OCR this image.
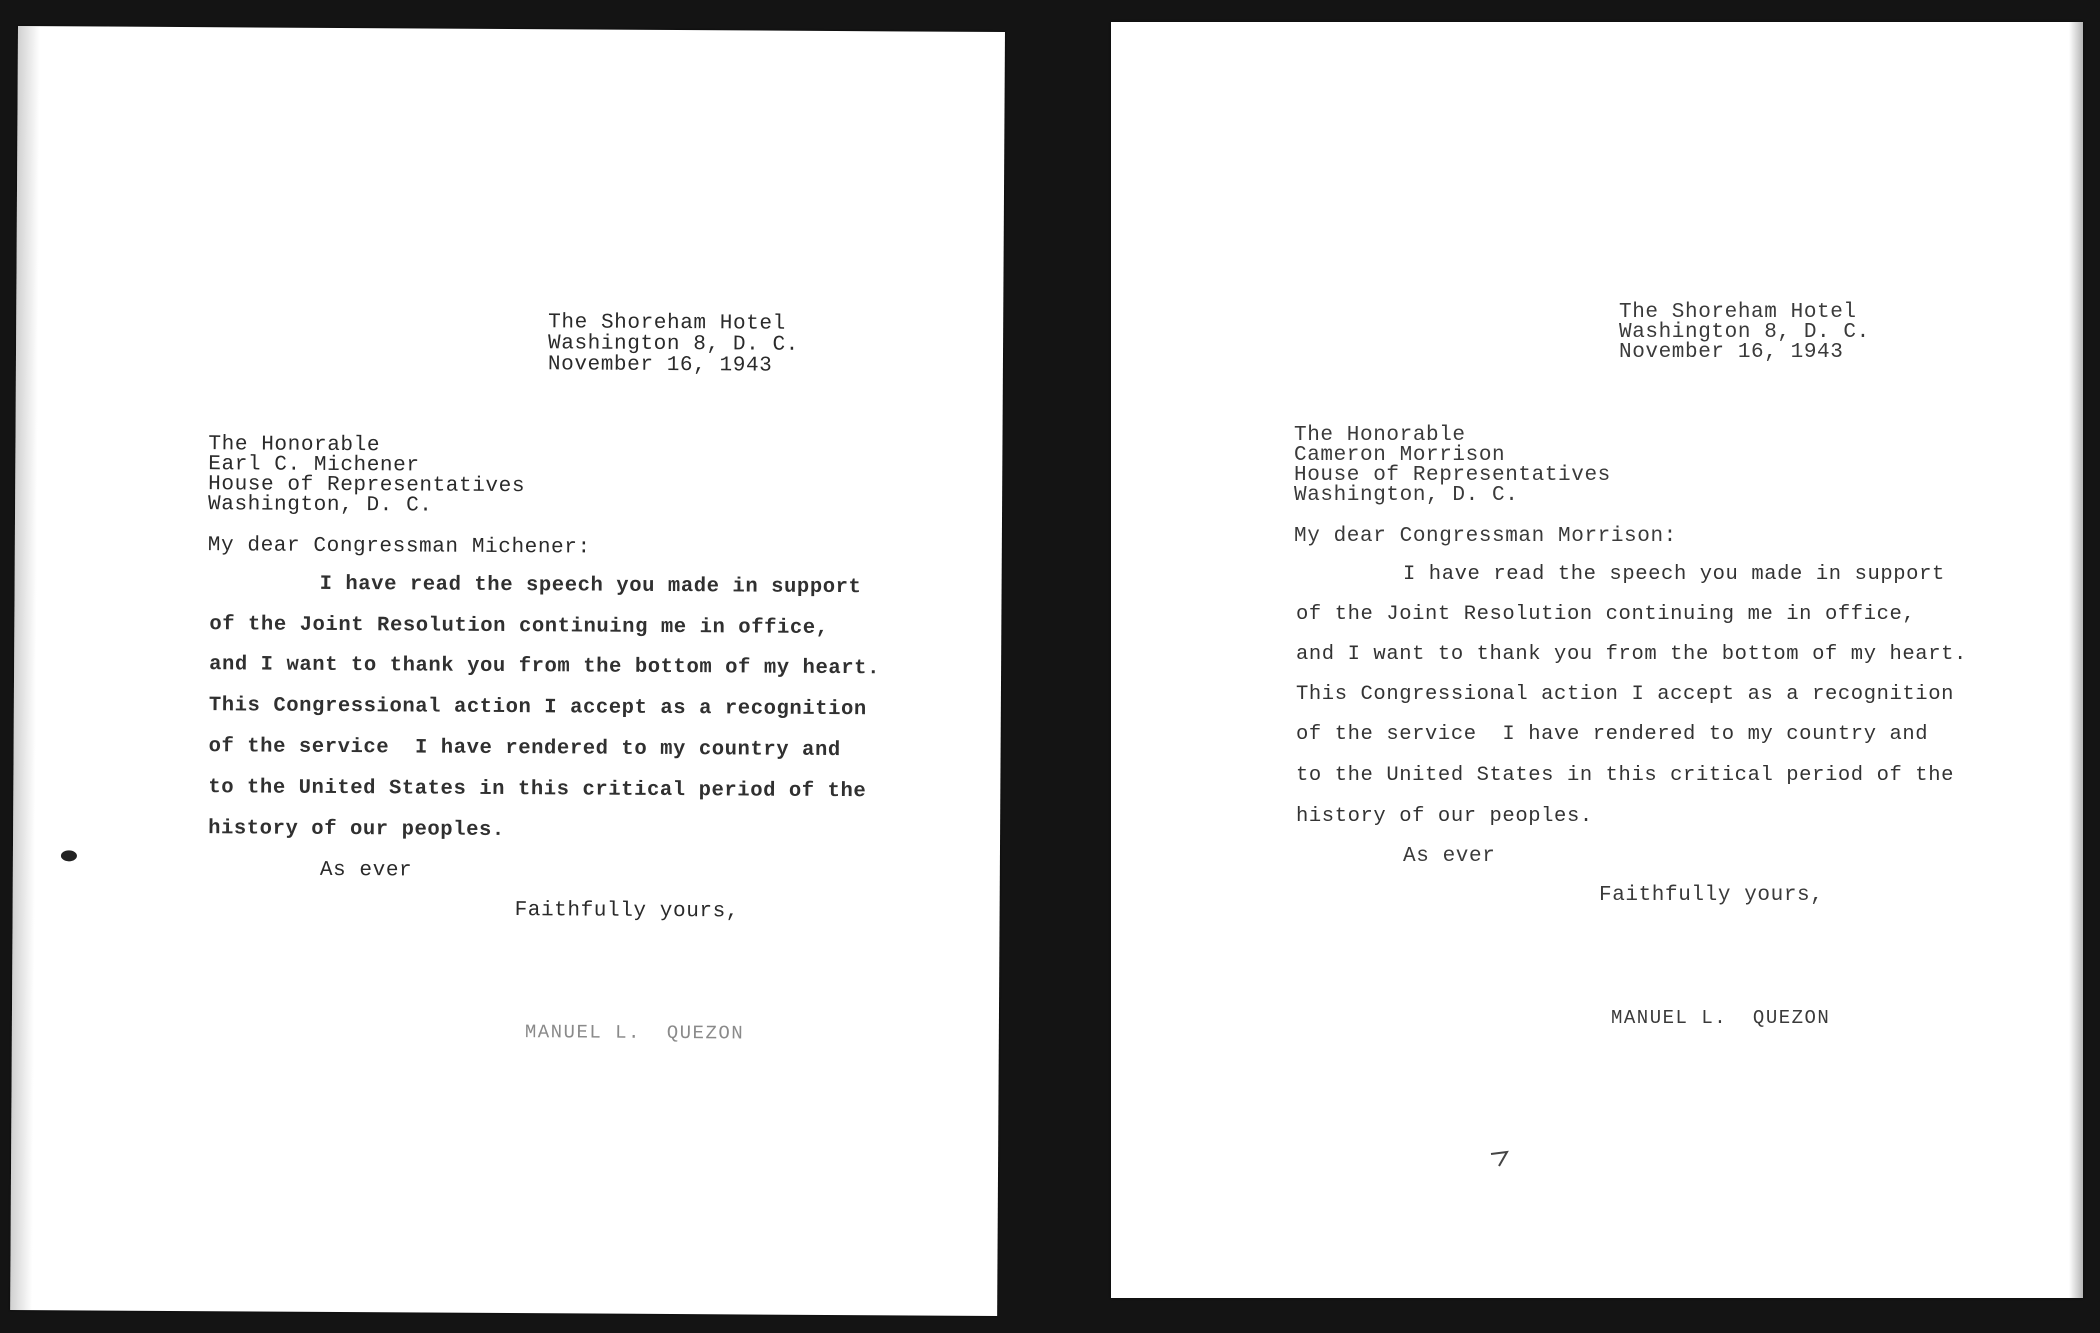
The Shoreham Hotel
Washington 8, D. C.
November 16, 1943
The Honorable
Earl C. Michener
House of Representatives
Washington, D. C.
My dear Congressman Michener:
I have read the speech you made in support
of the Joint Resolution continuing me in office,
and I want to thank you from the bottom of my heart.
This Congressional action I accept as a recognition
of the service  I have rendered to my country and
to the United States in this critical period of the
history of our peoples.
As ever
Faithfully yours,
MANUEL L.  QUEZON
The Shoreham Hotel
Washington 8, D. C.
November 16, 1943
The Honorable
Cameron Morrison
House of Representatives
Washington, D. C.
My dear Congressman Morrison:
I have read the speech you made in support
of the Joint Resolution continuing me in office,
and I want to thank you from the bottom of my heart.
This Congressional action I accept as a recognition
of the service  I have rendered to my country and
to the United States in this critical period of the
history of our peoples.
As ever
Faithfully yours,
MANUEL L.  QUEZON
